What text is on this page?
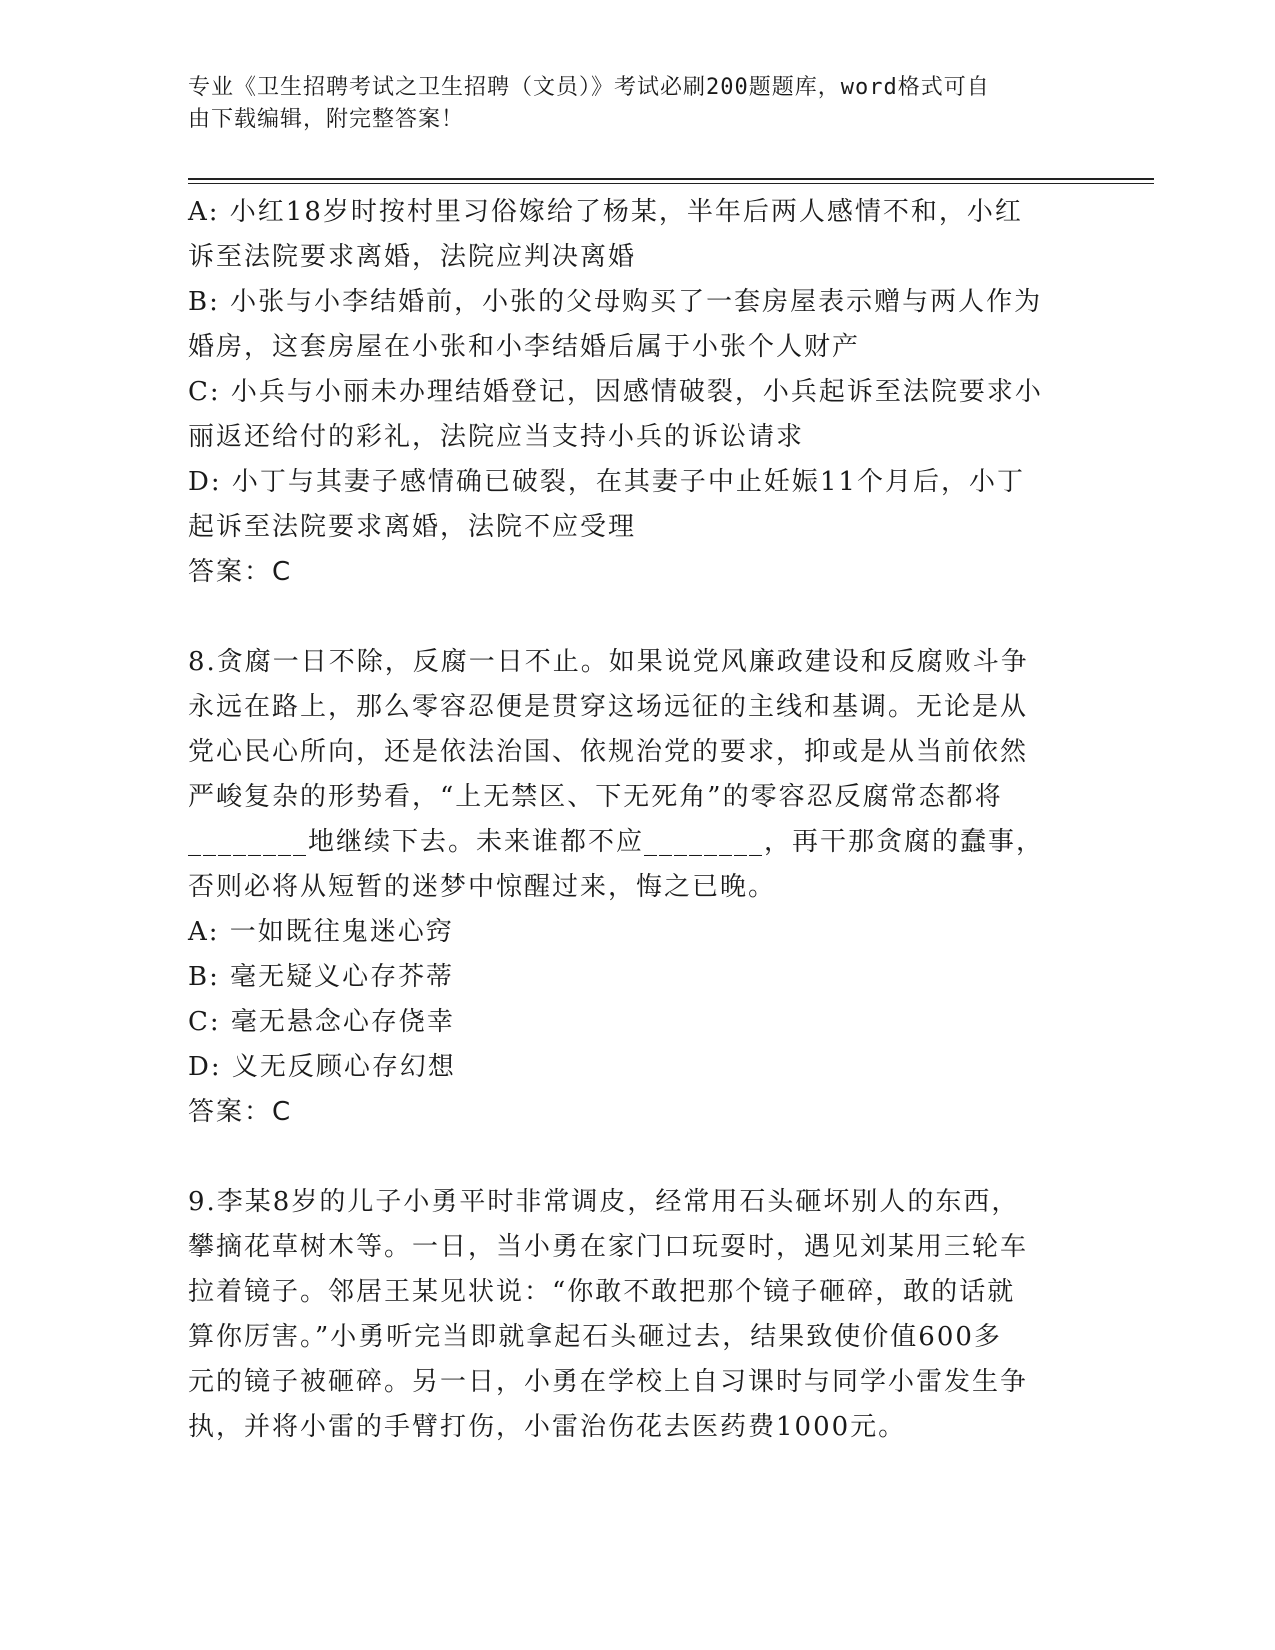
专业《卫生招聘考试之卫生招聘（文员）》考试必刷200题题库，word格式可自
由下载编辑，附完整答案！
A: 小红18岁时按村里习俗嫁给了杨某，半年后两人感情不和，小红
诉至法院要求离婚，法院应判决离婚
B: 小张与小李结婚前，小张的父母购买了一套房屋表示赠与两人作为
婚房，这套房屋在小张和小李结婚后属于小张个人财产
C: 小兵与小丽未办理结婚登记，因感情破裂，小兵起诉至法院要求小
丽返还给付的彩礼，法院应当支持小兵的诉讼请求
D: 小丁与其妻子感情确已破裂，在其妻子中止妊娠11个月后，小丁
起诉至法院要求离婚，法院不应受理
答案：C
8.贪腐一日不除，反腐一日不止。如果说党风廉政建设和反腐败斗争
永远在路上，那么零容忍便是贯穿这场远征的主线和基调。无论是从
党心民心所向，还是依法治国、依规治党的要求，抑或是从当前依然
严峻复杂的形势看，“上无禁区、下无死角”的零容忍反腐常态都将
________地继续下去。未来谁都不应________，再干那贪腐的蠢事，
否则必将从短暂的迷梦中惊醒过来，悔之已晚。
A: 一如既往鬼迷心窍
B: 毫无疑义心存芥蒂
C: 毫无悬念心存侥幸
D: 义无反顾心存幻想
答案：C
9.李某8岁的儿子小勇平时非常调皮，经常用石头砸坏别人的东西，
攀摘花草树木等。一日，当小勇在家门口玩耍时，遇见刘某用三轮车
拉着镜子。邻居王某见状说：“你敢不敢把那个镜子砸碎，敢的话就
算你厉害。”小勇听完当即就拿起石头砸过去，结果致使价值600多
元的镜子被砸碎。另一日，小勇在学校上自习课时与同学小雷发生争
执，并将小雷的手臂打伤，小雷治伤花去医药费1000元。
